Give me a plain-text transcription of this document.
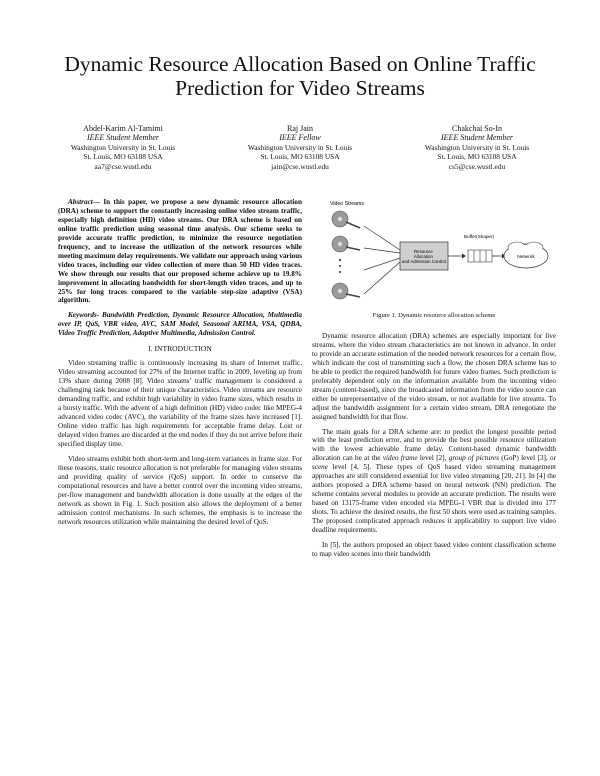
Dynamic Resource Allocation Based on Online Traffic Prediction for Video Streams
Abdel-Karim Al-Tamimi
IEEE Student Member
Washington University in St. Louis
St. Louis, MO 63108 USA
aa7@cse.wustl.edu
Raj Jain
IEEE Fellow
Washington University in St. Louis
St. Louis, MO 63108 USA
jain@cse.wustl.edu
Chakchai So-In
IEEE Student Member
Washington University in St. Louis
St. Louis, MO 63108 USA
cs5@cse.wustl.edu

Abstract— In this paper, we propose a new dynamic resource allocation (DRA) scheme to support the constantly increasing online video stream traffic, especially high definition (HD) video streams. Our DRA scheme is based on online traffic prediction using seasonal time analysis. Our scheme seeks to provide accurate traffic prediction, to minimize the resource negotiation frequency, and to increase the utilization of the network resources while meeting maximum delay requirements. We validate our approach using various video traces, including our video collection of more than 50 HD video traces. We show through our results that our proposed scheme achieve up to 19.8% improvement in allocating bandwidth for short-length video traces, and up to 25% for long traces compared to the variable step-size adaptive (VSA) algorithm.

Keywords- Bandwidth Prediction, Dynamic Resource Allocation, Multimedia over IP, QoS, VBR video, AVC, SAM Model, Seasonal ARIMA, VSA, QDBA, Video Traffic Prediction, Adaptive Multimedia, Admission Control.

I. INTRODUCTION

Video streaming traffic is continuously increasing its share of Internet traffic. Video streaming accounted for 27% of the Internet traffic in 2009, leveling up from 13% share during 2008 [8]. Video streams’ traffic management is considered a challenging task because of their unique characteristics. Video streams are resource demanding traffic, and exhibit high variability in video frame sizes, which results in a bursty traffic. With the advent of a high definition (HD) video codec like MPEG-4 advanced video codec (AVC), the variability of the frame sizes have increased [1]. Online video traffic has high requirements for acceptable frame delay. Lost or delayed video frames are discarded at the end nodes if they do not arrive before their specified display time.

Video streams exhibit both short-term and long-term variances in frame size. For these reasons, static resource allocation is not preferable for managing video streams and providing quality of service (QoS) support. In order to conserve the computational resources and have a better control over the incoming video streams, per-flow management and bandwidth allocation is done usually at the edges of the network as shown in Fig. 1. Such position also allows the deployment of a better admission control mechanisms. In such schemes, the emphasis is to increase the network resources utilization while maintaining the desired level of QoS.

Video Streams
Resource Allocation and Admission Control
Buffer(Shaper)
Network
Figure 1. Dynamic resource allocation scheme

Dynamic resource allocation (DRA) schemes are especially important for live streams, where the video stream characteristics are not known in advance. In order to provide an accurate estimation of the needed network resources for a certain flow, which indicate the cost of transmitting such a flow, the chosen DRA scheme has to be able to predict the required bandwidth for future video frames. Such prediction is preferably dependent only on the information available from the incoming video stream (content-based), since the broadcasted information from the video source can either be unrepresentative of the video stream, or not available for live streams. To adjust the bandwidth assignment for a certain video stream, DRA renegotiate the assigned bandwidth for that flow.

The main goals for a DRA scheme are: to predict the longest possible period with the least prediction error, and to provide the best possible resource utilization with the lowest achievable frame delay. Content-based dynamic bandwidth allocation can be at the video frame level [2], group of pictures (GoP) level [3], or scene level [4, 5]. These types of QoS based video streaming management approaches are still considered essential for live video streaming [20, 21]. In [4] the authors proposed a DRA scheme based on neural network (NN) prediction. The scheme contains several modules to provide an accurate prediction. The results were based on 13175-frame video encoded via MPEG-1 VBR that is divided into 177 shots. To achieve the desired results, the first 50 shots were used as training samples. The proposed complicated approach reduces it applicability to support live video deadline requirements.

In [5], the authors proposed an object based video content classification scheme to map video scenes into their bandwidth
